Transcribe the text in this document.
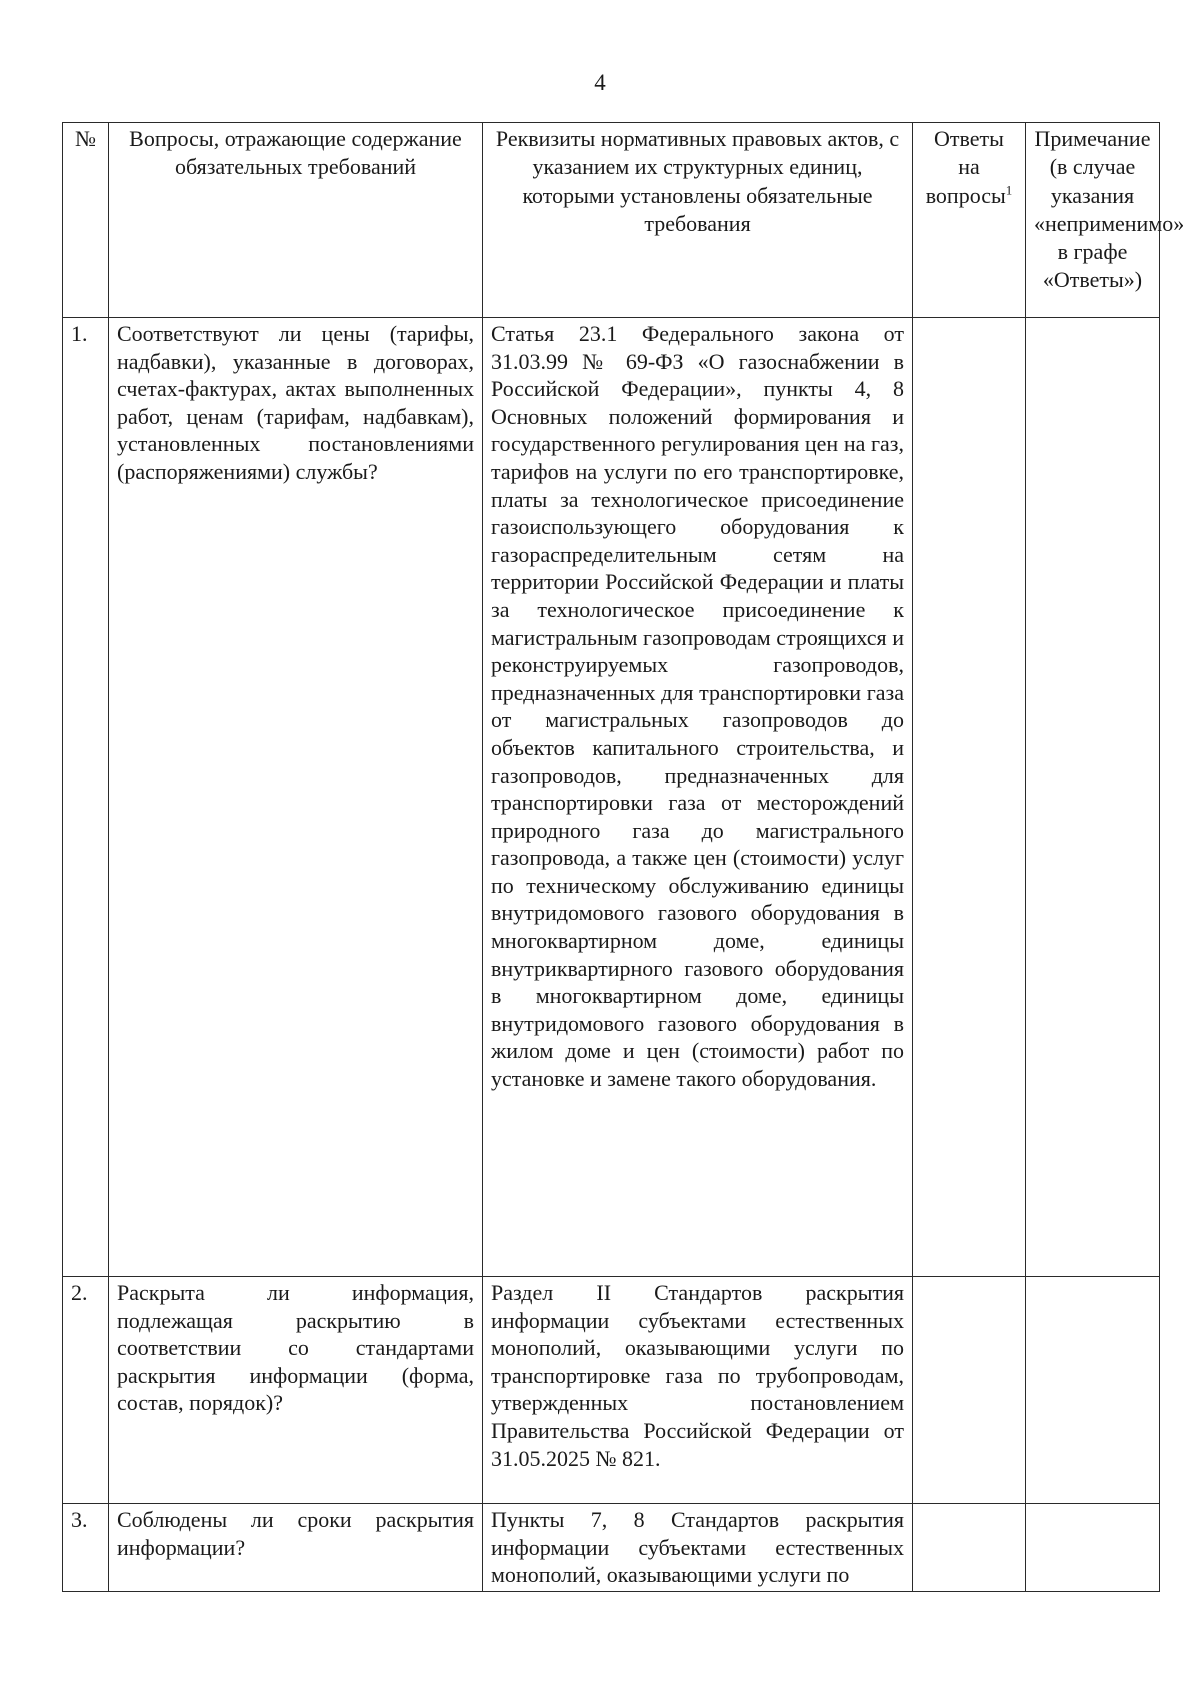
4
№	Вопросы, отражающие содержание обязательных требований	Реквизиты нормативных правовых актов, с указанием их структурных единиц, которыми установлены обязательные требования	Ответы на вопросы$^1$	Примечание (в случае указания «неприменимо» в графе «Ответы»)
1.	Соответствуют ли цены (тарифы, надбавки), указанные в договорах, счетах-фактурах, актах выполненных работ, ценам (тарифам, надбавкам), установленных постановлениями (распоряжениями) службы?	Статья 23.1 Федерального закона от 31.03.99 № 69-ФЗ «О газоснабжении в Российской Федерации», пункты 4, 8 Основных положений формирования и государственного регулирования цен на газ, тарифов на услуги по его транспортировке, платы за технологическое присоединение газоиспользующего оборудования к газораспределительным сетям на территории Российской Федерации и платы за технологическое присоединение к магистральным газопроводам строящихся и реконструируемых газопроводов, предназначенных для транспортировки газа от магистральных газопроводов до объектов капитального строительства, и газопроводов, предназначенных для транспортировки газа от месторождений природного газа до магистрального газопровода, а также цен (стоимости) услуг по техническому обслуживанию единицы внутридомового газового оборудования в многоквартирном доме, единицы внутриквартирного газового оборудования в многоквартирном доме, единицы внутридомового газового оборудования в жилом доме и цен (стоимости) работ по установке и замене такого оборудования.		
2.	Раскрыта ли информация, подлежащая раскрытию в соответствии со стандартами раскрытия информации (форма, состав, порядок)?	Раздел II Стандартов раскрытия информации субъектами естественных монополий, оказывающими услуги по транспортировке газа по трубопроводам, утвержденных постановлением Правительства Российской Федерации от 31.05.2025 № 821.		
3.	Соблюдены ли сроки раскрытия информации?	Пункты 7, 8 Стандартов раскрытия информации субъектами естественных монополий, оказывающими услуги по		
